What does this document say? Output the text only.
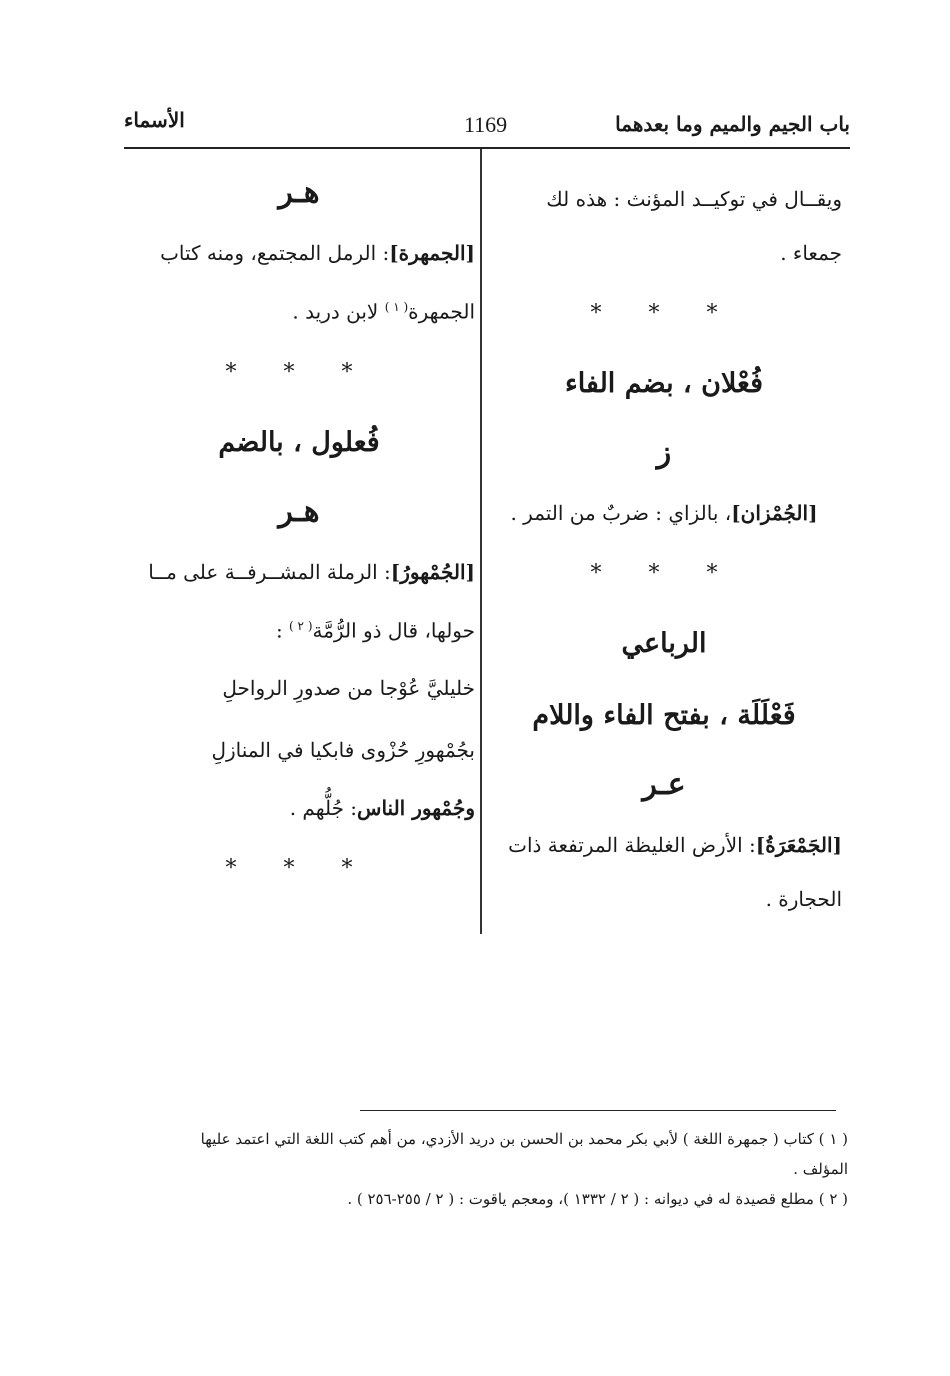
باب الجيم والميم وما بعدهما
1169
الأسماء

ويقــال في توكيــد المؤنث : هذه لك

جمعاء .

* * *
فُعْلان ، بضم الفاء
ز

[الجُمْزان]، بالزاي : ضربٌ من التمر .

* * *
الرباعي
فَعْلَلَة ، بفتح الفاء واللام
عـر

[الجَمْعَرَةُ]: الأرض الغليظة المرتفعة ذات

الحجارة .

هـر

[الجمهرة]: الرمل المجتمع، ومنه كتاب

الجمهرة$^{( ١ )}$ لابن دريد .

* * *
فُعلول ، بالضم
هـر

[الجُمْهورُ]: الرملة المشــرفــة على مــا

حولها، قال ذو الرُّمَّة$^{( ٢ )}$ :

خليليَّ عُوْجا من صدورِ الرواحلِ

بجُمْهورِ حُزْوى فابكيا في المنازلِ

وجُمْهور الناس: جُلُّهم .

* * *

( ١ ) كتاب ( جمهرة اللغة ) لأبي بكر محمد بن الحسن بن دريد الأزدي، من أهم كتب اللغة التي اعتمد عليها

المؤلف .

( ٢ ) مطلع قصيدة له في ديوانه : ( ٢ / ١٣٣٢ )، ومعجم ياقوت : ( ٢ / ٢٥٥-٢٥٦ ) .
